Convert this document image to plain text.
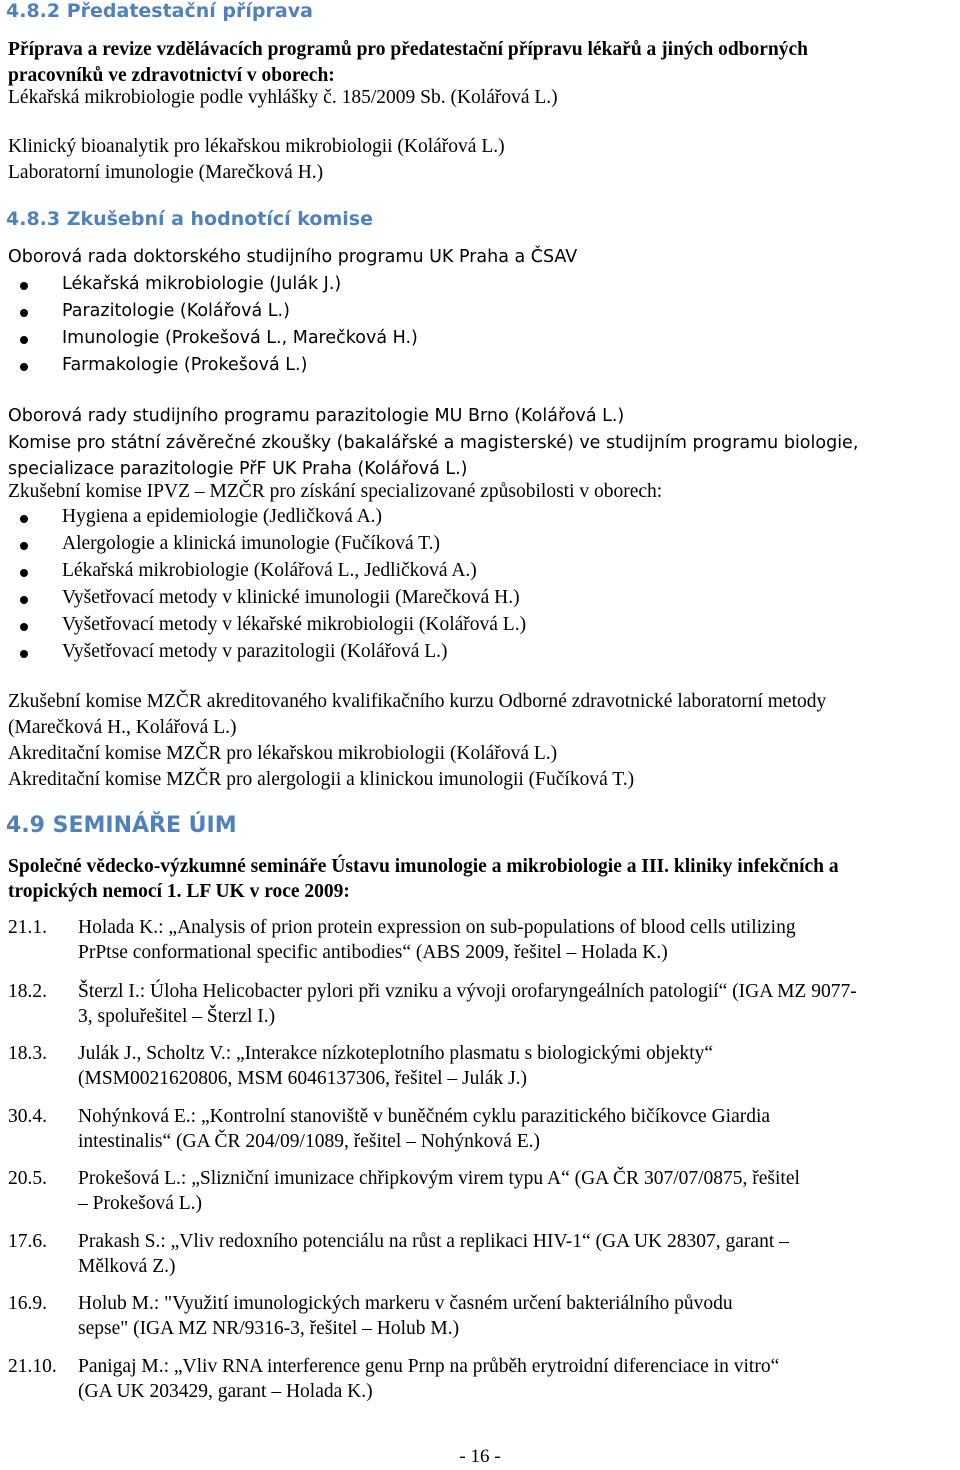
4.8.2 Předatestační příprava
Příprava a revize vzdělávacích programů pro předatestační přípravu lékařů a jiných odborných
pracovníků ve zdravotnictví v oborech:
Lékařská mikrobiologie podle vyhlášky č. 185/2009 Sb. (Kolářová L.)
Klinický bioanalytik pro lékařskou mikrobiologii (Kolářová L.)
Laboratorní imunologie (Marečková H.)
4.8.3 Zkušební a hodnotící komise
Oborová rada doktorského studijního programu UK Praha a ČSAV
Lékařská mikrobiologie (Julák J.)
Parazitologie (Kolářová L.)
Imunologie (Prokešová L., Marečková H.)
Farmakologie (Prokešová L.)
Oborová rady studijního programu parazitologie MU Brno (Kolářová L.)
Komise pro státní závěrečné zkoušky (bakalářské a magisterské) ve studijním programu biologie,
specializace parazitologie PřF UK Praha (Kolářová L.)
Zkušební komise IPVZ – MZČR pro získání specializované způsobilosti v oborech:
Hygiena a epidemiologie (Jedličková A.)
Alergologie a klinická imunologie (Fučíková T.)
Lékařská mikrobiologie (Kolářová L., Jedličková A.)
Vyšetřovací metody v klinické imunologii (Marečková H.)
Vyšetřovací metody v lékařské mikrobiologii (Kolářová L.)
Vyšetřovací metody v parazitologii (Kolářová L.)
Zkušební komise MZČR akreditovaného kvalifikačního kurzu Odborné zdravotnické laboratorní metody
(Marečková H., Kolářová L.)
Akreditační komise MZČR pro lékařskou mikrobiologii (Kolářová L.)
Akreditační komise MZČR pro alergologii a klinickou imunologii (Fučíková T.)
4.9 SEMINÁŘE ÚIM
Společné vědecko-výzkumné semináře Ústavu imunologie a mikrobiologie a III. kliniky infekčních a
tropických nemocí 1. LF UK v roce 2009:
21.1. Holada K.: „Analysis of prion protein expression on sub-populations of blood cells utilizing
PrPtse conformational specific antibodies“ (ABS 2009, řešitel – Holada K.)
18.2. Šterzl I.: Úloha Helicobacter pylori při vzniku a vývoji orofaryngeálních patologií“ (IGA MZ 9077-
3, spoluřešitel – Šterzl I.)
18.3. Julák J., Scholtz V.: „Interakce nízkoteplotního plasmatu s biologickými objekty“
(MSM0021620806, MSM 6046137306, řešitel – Julák J.)
30.4. Nohýnková E.: „Kontrolní stanoviště v buněčném cyklu parazitického bičíkovce Giardia
intestinalis“ (GA ČR 204/09/1089, řešitel – Nohýnková E.)
20.5. Prokešová L.: „Slizniční imunizace chřipkovým virem typu A“ (GA ČR 307/07/0875, řešitel
– Prokešová L.)
17.6. Prakash S.: „Vliv redoxního potenciálu na růst a replikaci HIV-1“ (GA UK 28307, garant –
Mělková Z.)
16.9. Holub M.: "Využití imunologických markeru v časném určení bakteriálního původu
sepse" (IGA MZ NR/9316-3, řešitel – Holub M.)
21.10. Panigaj M.: „Vliv RNA interference genu Prnp na průběh erytroidní diferenciace in vitro“
(GA UK 203429, garant – Holada K.)
- 16 -
